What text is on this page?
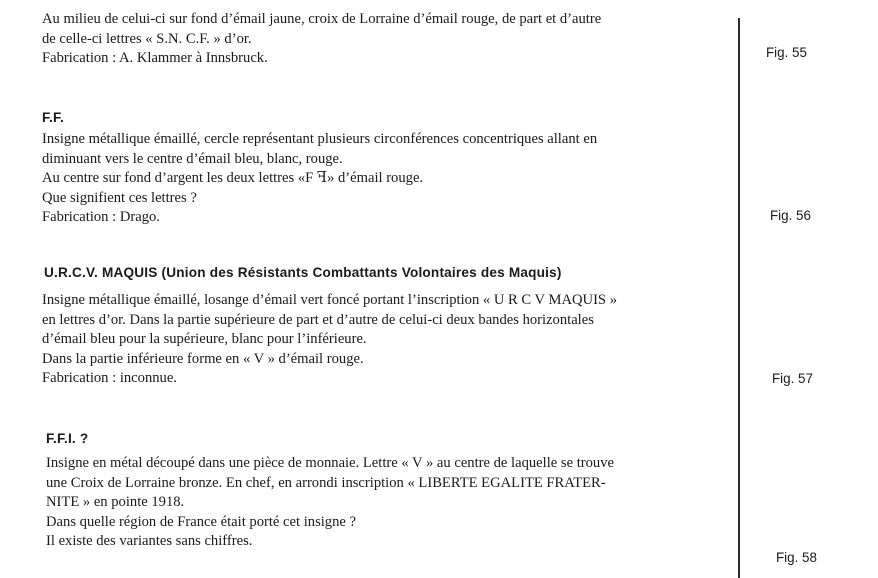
Au milieu de celui-ci sur fond d’émail jaune, croix de Lorraine d’émail rouge, de part et d’autre
de celle-ci lettres « S.N. C.F. » d’or.
Fabrication : A. Klammer à Innsbruck.	Fig. 55
F.F.
Insigne métallique émaillé, cercle représentant plusieurs circonférences concentriques allant en
diminuant vers le centre d’émail bleu, blanc, rouge.
Au centre sur fond d’argent les deux lettres «F ꟻ» d’émail rouge.
Que signifient ces lettres ?
Fabrication : Drago.	Fig. 56
U.R.C.V. MAQUIS (Union des Résistants Combattants Volontaires des Maquis)
Insigne métallique émaillé, losange d’émail vert foncé portant l’inscription « U R C V MAQUIS »
en lettres d’or. Dans la partie supérieure de part et d’autre de celui-ci deux bandes horizontales
d’émail bleu pour la supérieure, blanc pour l’inférieure.
Dans la partie inférieure forme en « V » d’émail rouge.
Fabrication : inconnue.	Fig. 57
F.F.I. ?
Insigne en métal découpé dans une pièce de monnaie. Lettre « V » au centre de laquelle se trouve
une Croix de Lorraine bronze. En chef, en arrondi inscription « LIBERTE EGALITE FRATER-
NITE » en pointe 1918.
Dans quelle région de France était porté cet insigne ?
Il existe des variantes sans chiffres.
Fig. 58
